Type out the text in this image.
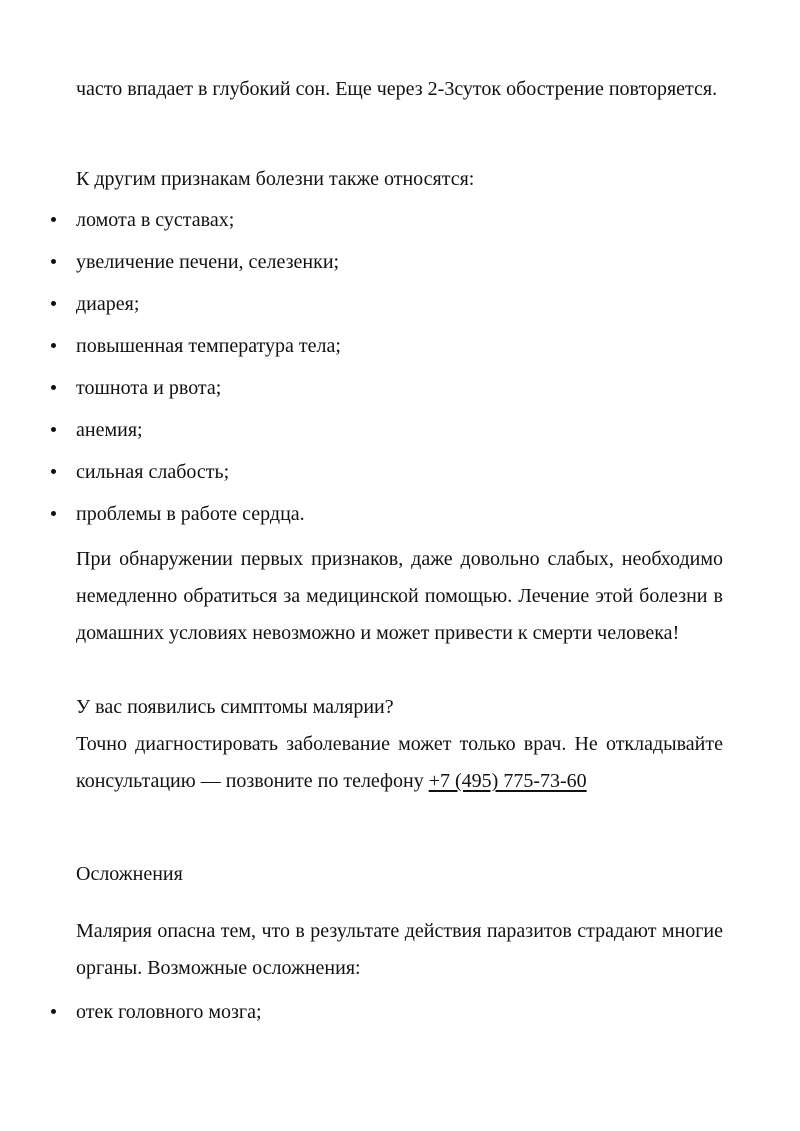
часто впадает в глубокий сон. Еще через 2-3суток обострение повторяется.

К другим признакам болезни также относятся:

ломота в суставах;
увеличение печени, селезенки;
диарея;
повышенная температура тела;
тошнота и рвота;
анемия;
сильная слабость;
проблемы в работе сердца.

При обнаружении первых признаков, даже довольно слабых, необходимо немедленно обратиться за медицинской помощью. Лечение этой болезни в домашних условиях невозможно и может привести к смерти человека!

У вас появились симптомы малярии?

Точно диагностировать заболевание может только врач. Не откладывайте консультацию — позвоните по телефону +7 (495) 775-73-60

Осложнения

Малярия опасна тем, что в результате действия паразитов страдают многие органы. Возможные осложнения:

отек головного мозга;
